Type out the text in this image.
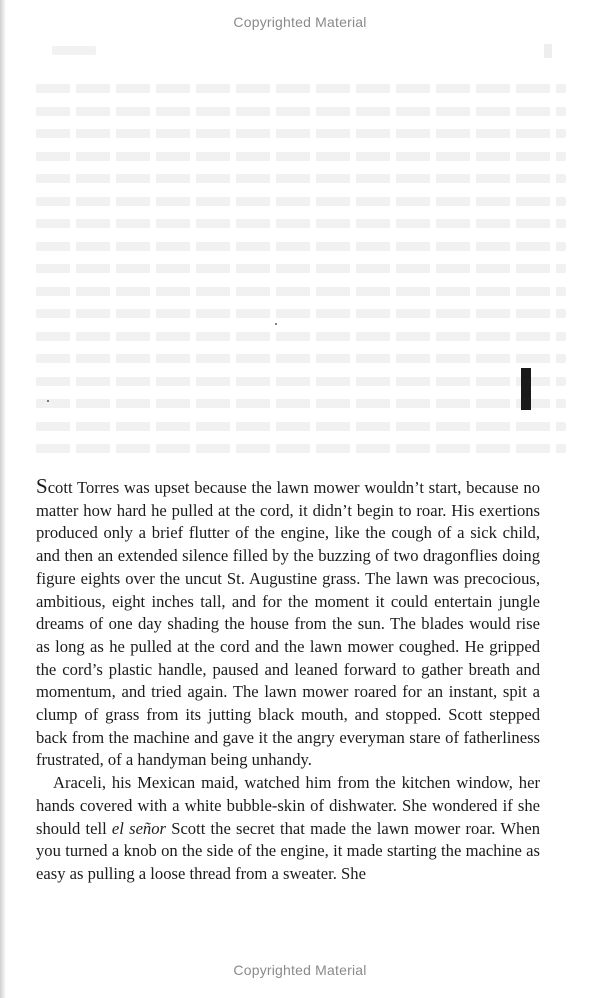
Copyrighted Material

Scott Torres was upset because the lawn mower wouldn’t start, because no matter how hard he pulled at the cord, it didn’t begin to roar. His exertions produced only a brief flutter of the engine, like the cough of a sick child, and then an extended silence filled by the buzzing of two dragonflies doing figure eights over the uncut St. Augustine grass. The lawn was precocious, ambitious, eight inches tall, and for the moment it could entertain jungle dreams of one day shading the house from the sun. The blades would rise as long as he pulled at the cord and the lawn mower coughed. He gripped the cord’s plastic handle, paused and leaned forward to gather breath and momentum, and tried again. The lawn mower roared for an instant, spit a clump of grass from its jutting black mouth, and stopped. Scott stepped back from the machine and gave it the angry everyman stare of fatherliness frustrated, of a handyman being unhandy.

Araceli, his Mexican maid, watched him from the kitchen window, her hands covered with a white bubble-skin of dishwater. She wondered if she should tell el señor Scott the secret that made the lawn mower roar. When you turned a knob on the side of the engine, it made starting the machine as easy as pulling a loose thread from a sweater. She

Copyrighted Material
